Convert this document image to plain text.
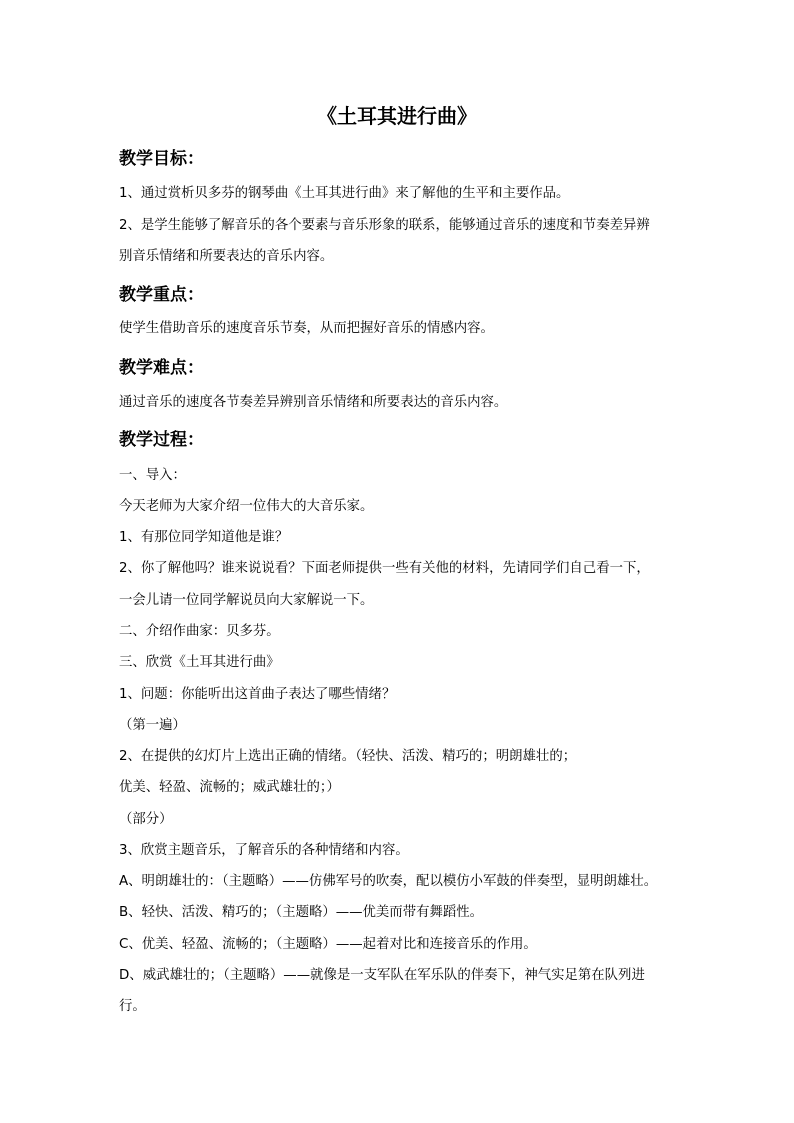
《土耳其进行曲》
教学目标：
1、通过赏析贝多芬的钢琴曲《土耳其进行曲》来了解他的生平和主要作品。
2、是学生能够了解音乐的各个要素与音乐形象的联系，能够通过音乐的速度和节奏差异辨
别音乐情绪和所要表达的音乐内容。
教学重点：
使学生借助音乐的速度音乐节奏，从而把握好音乐的情感内容。
教学难点：
通过音乐的速度各节奏差异辨别音乐情绪和所要表达的音乐内容。
教学过程：
一、导入：
今天老师为大家介绍一位伟大的大音乐家。
1、有那位同学知道他是谁？
2、你了解他吗？谁来说说看？下面老师提供一些有关他的材料，先请同学们自己看一下，
一会儿请一位同学解说员向大家解说一下。
二、介绍作曲家：贝多芬。
三、欣赏《土耳其进行曲》
1、问题：你能听出这首曲子表达了哪些情绪？
（第一遍）
2、在提供的幻灯片上选出正确的情绪。（轻快、活泼、精巧的；明朗雄壮的；
优美、轻盈、流畅的；威武雄壮的；）
（部分）
3、欣赏主题音乐，了解音乐的各种情绪和内容。
A、明朗雄壮的：（主题略）——仿佛军号的吹奏，配以模仿小军鼓的伴奏型，显明朗雄壮。
B、轻快、活泼、精巧的；（主题略）——优美而带有舞蹈性。
C、优美、轻盈、流畅的；（主题略）——起着对比和连接音乐的作用。
D、威武雄壮的；（主题略）——就像是一支军队在军乐队的伴奏下，神气实足第在队列进
行。
